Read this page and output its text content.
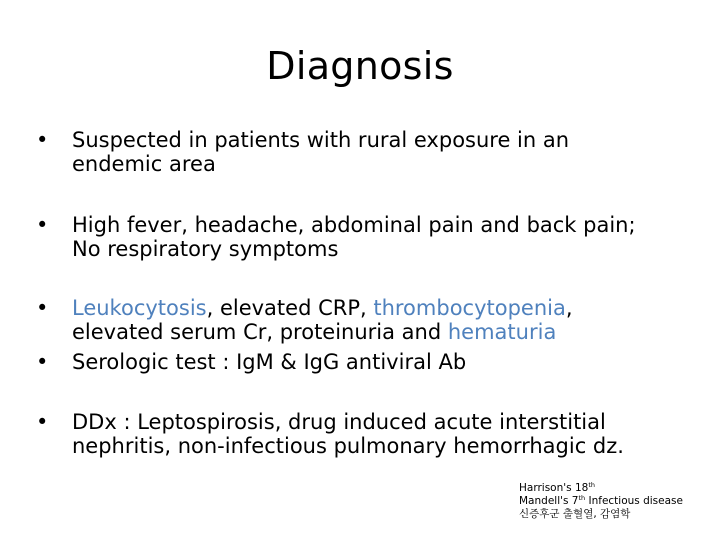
Diagnosis
•	Suspected in patients with rural exposure in an
endemic area
•	High fever, headache, abdominal pain and back pain;
No respiratory symptoms
•	Leukocytosis, elevated CRP, thrombocytopenia,
elevated serum Cr, proteinuria and hematuria
•	Serologic test : IgM & IgG antiviral Ab
•	DDx : Leptospirosis, drug induced acute interstitial
nephritis, non-infectious pulmonary hemorrhagic dz.
Harrison's 18th
Mandell's 7th Infectious disease
신증후군 출혈열, 감염학
